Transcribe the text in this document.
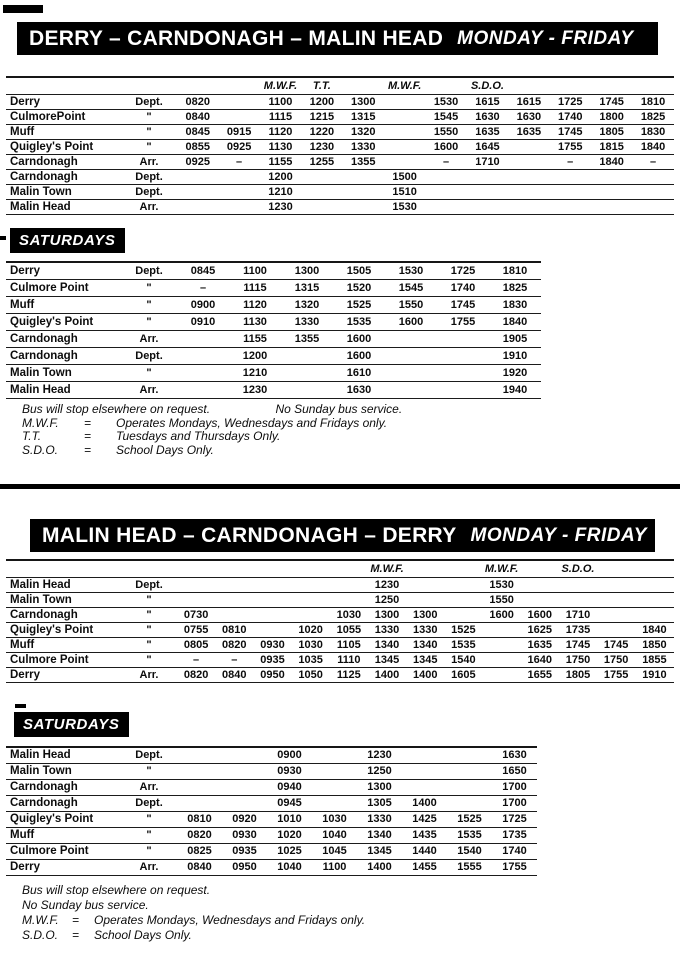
DERRY – CARNDONAGH – MALIN HEAD MONDAY - FRIDAY
				M.W.F.	T.T.		M.W.F.		S.D.O.				
Derry	Dept.	0820		1100	1200	1300		1530	1615	1615	1725	1745	1810
CulmorePoint	"	0840		1115	1215	1315		1545	1630	1630	1740	1800	1825
Muff	"	0845	0915	1120	1220	1320		1550	1635	1635	1745	1805	1830
Quigley's Point	"	0855	0925	1130	1230	1330		1600	1645		1755	1815	1840
Carndonagh	Arr.	0925	–	1155	1255	1355		–	1710		–	1840	–
Carndonagh	Dept.			1200			1500						
Malin Town	Dept.			1210			1510						
Malin Head	Arr.			1230			1530						
SATURDAYS
Derry	Dept.	0845	1100	1300	1505	1530	1725	1810
Culmore Point	"	–	1115	1315	1520	1545	1740	1825
Muff	"	0900	1120	1320	1525	1550	1745	1830
Quigley's Point	"	0910	1130	1330	1535	1600	1755	1840
Carndonagh	Arr.		1155	1355	1600			1905
Carndonagh	Dept.		1200		1600			1910
Malin Town	"		1210		1610			1920
Malin Head	Arr.		1230		1630			1940
Bus will stop elsewhere on request.	No Sunday bus service.
M.W.F.	=	Operates Mondays, Wednesdays and Fridays only.
T.T.	=	Tuesdays and Thursdays Only.
S.D.O.	=	School Days Only.
MALIN HEAD – CARNDONAGH – DERRY MONDAY - FRIDAY
							M.W.F.			M.W.F.		S.D.O.		
Malin Head	Dept.						1230			1530				
Malin Town	"						1250			1550				
Carndonagh	"	0730				1030	1300	1300		1600	1600	1710		
Quigley's Point	"	0755	0810		1020	1055	1330	1330	1525		1625	1735		1840
Muff	"	0805	0820	0930	1030	1105	1340	1340	1535		1635	1745	1745	1850
Culmore Point	"	–	–	0935	1035	1110	1345	1345	1540		1640	1750	1750	1855
Derry	Arr.	0820	0840	0950	1050	1125	1400	1400	1605		1655	1805	1755	1910
SATURDAYS
Malin Head	Dept.			0900		1230			1630
Malin Town	"			0930		1250			1650
Carndonagh	Arr.			0940		1300			1700
Carndonagh	Dept.			0945		1305	1400		1700
Quigley's Point	"	0810	0920	1010	1030	1330	1425	1525	1725
Muff	"	0820	0930	1020	1040	1340	1435	1535	1735
Culmore Point	"	0825	0935	1025	1045	1345	1440	1540	1740
Derry	Arr.	0840	0950	1040	1100	1400	1455	1555	1755
Bus will stop elsewhere on request.
No Sunday bus service.
M.W.F.	=	Operates Mondays, Wednesdays and Fridays only.
S.D.O.	=	School Days Only.
